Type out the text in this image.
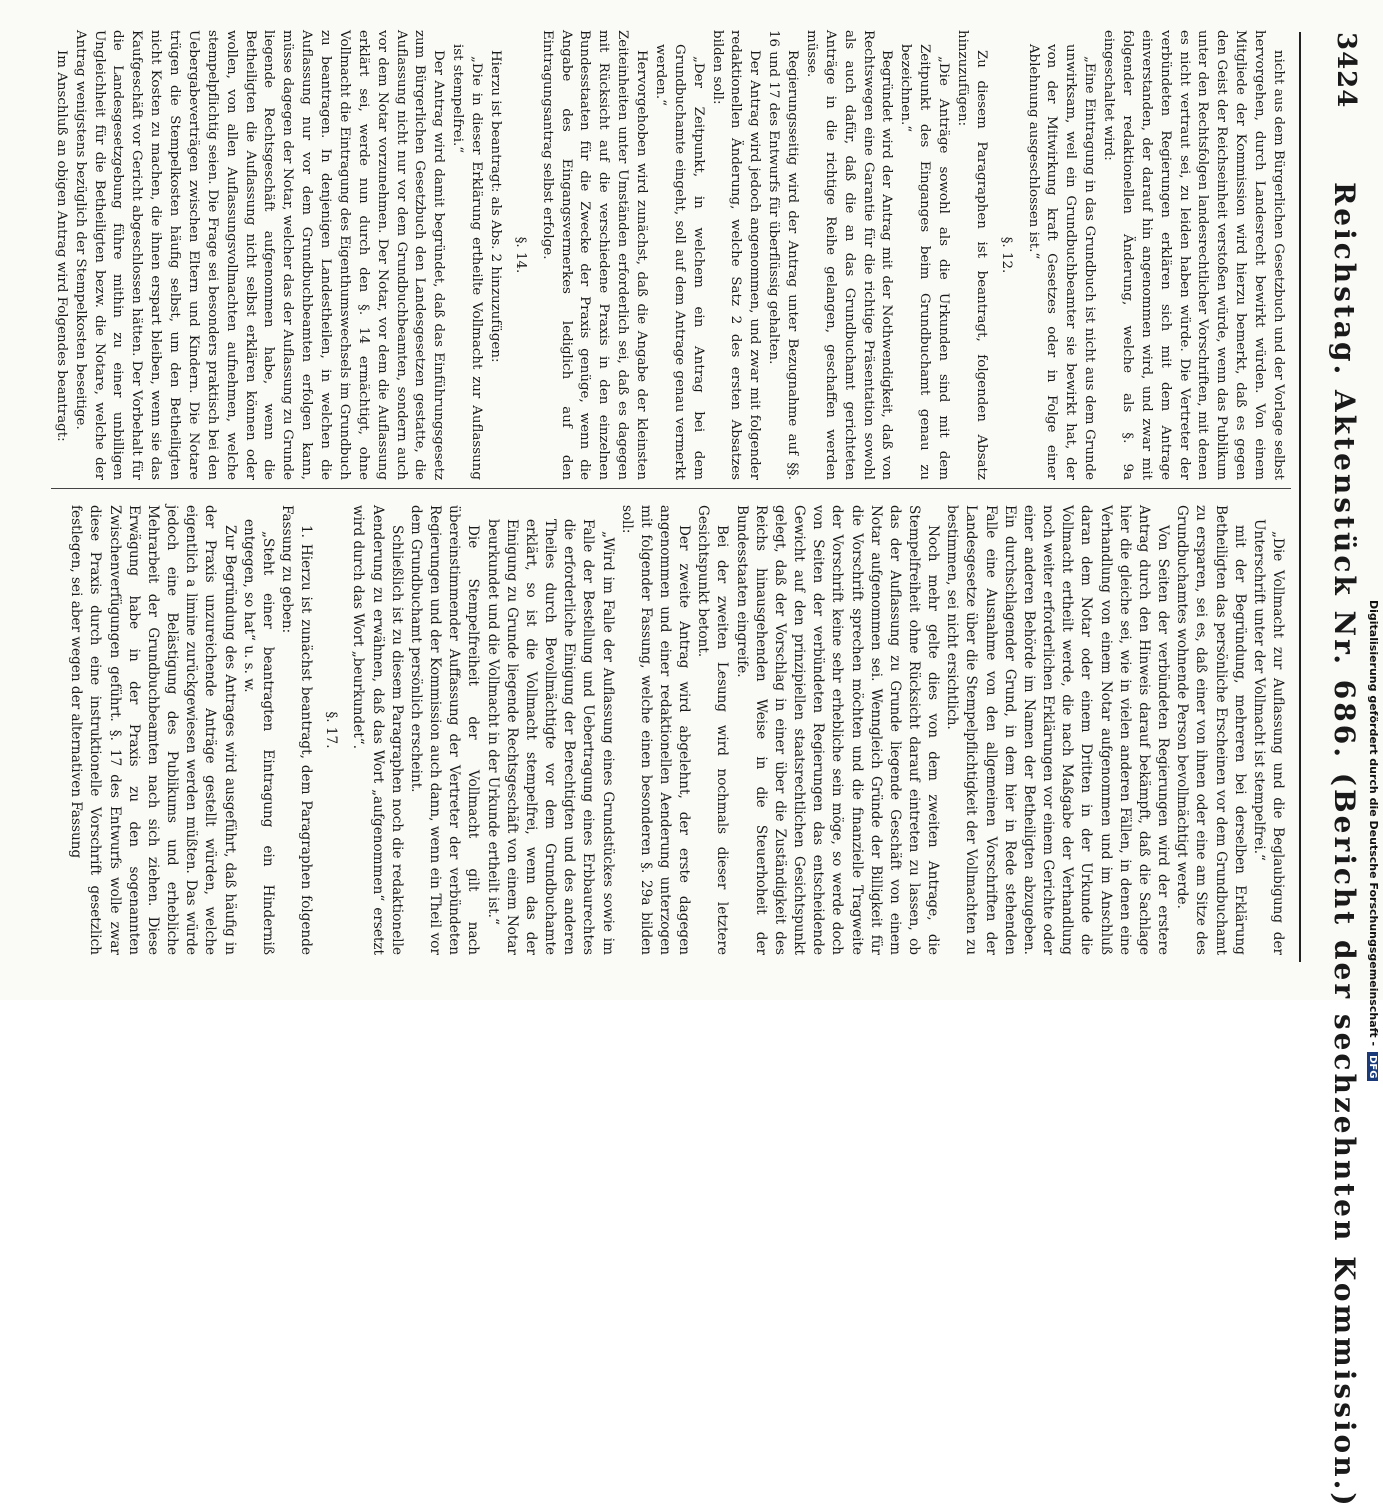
3424
Reichstag. Aktenstück Nr. 686. (Bericht der sechzehnten Kommission.)

nicht aus dem Bürgerlichen Gesetzbuch und der Vorlage selbst hervorgehen, durch Landesrecht bewirkt würden. Von einem Mitgliede der Kommission wird hierzu bemerkt, daß es gegen den Geist der Reichseinheit verstoßen würde, wenn das Publikum unter den Rechtsfolgen landesrechtlicher Vorschriften, mit denen es nicht vertraut sei, zu leiden haben würde. Die Vertreter der verbündeten Regierungen erklären sich mit dem Antrage einverstanden, der darauf hin angenommen wird, und zwar mit folgender redaktionellen Änderung, welche als §. 9a eingeschaltet wird:

„Eine Eintragung in das Grundbuch ist nicht aus dem Grunde unwirksam, weil ein Grundbuchbeamter sie bewirkt hat, der von der Mitwirkung kraft Gesetzes oder in Folge einer Ablehnung ausgeschlossen ist.“

§. 12.

Zu diesem Paragraphen ist beantragt, folgenden Absatz hinzuzufügen:

„Die Anträge sowohl als die Urkunden sind mit dem Zeitpunkt des Einganges beim Grundbuchamt genau zu bezeichnen.“

Begründet wird der Antrag mit der Nothwendigkeit, daß von Rechtswegen eine Garantie für die richtige Präsentation sowohl als auch dafür, daß die an das Grundbuchamt gerichteten Anträge in die richtige Reihe gelangen, geschaffen werden müsse.

Regierungsseitig wird der Antrag unter Bezugnahme auf §§. 16 und 17 des Entwurfs für überflüssig gehalten.

Der Antrag wird jedoch angenommen, und zwar mit folgender redaktionellen Änderung, welche Satz 2 des ersten Absatzes bilden soll:

„Der Zeitpunkt, in welchem ein Antrag bei dem Grundbuchamte eingeht, soll auf dem Antrage genau vermerkt werden.“

Hervorgehoben wird zunächst, daß die Angabe der kleinsten Zeiteinheiten unter Umständen erforderlich sei, daß es dagegen mit Rücksicht auf die verschiedene Praxis in den einzelnen Bundesstaaten für die Zwecke der Praxis genüge, wenn die Angabe des Eingangsvermerkes lediglich auf den Eintragungsantrag selbst erfolge.

§. 14.

Hierzu ist beantragt: als Abs. 2 hinzuzufügen:

„Die in dieser Erklärung ertheilte Vollmacht zur Auflassung ist stempelfrei.“

Der Antrag wird damit begründet, daß das Einführungsgesetz zum Bürgerlichen Gesetzbuch den Landesgesetzen gestatte, die Auflassung nicht nur vor dem Grundbuchbeamten, sondern auch vor dem Notar vorzunehmen. Der Notar, vor dem die Auflassung erklärt sei, werde nun durch den §. 14 ermächtigt, ohne Vollmacht die Eintragung des Eigenthumswechsels im Grundbuch zu beantragen. In denjenigen Landestheilen, in welchen die Auflassung nur vor dem Grundbuchbeamten erfolgen kann, müsse dagegen der Notar, welcher das der Auflassung zu Grunde liegende Rechtsgeschäft aufgenommen habe, wenn die Betheiligten die Auflassung nicht selbst erklären können oder wollen, von allen Auflassungsvollmachten aufnehmen, welche stempelpflichtig seien. Die Frage sei besonders praktisch bei den Uebergabeverträgen zwischen Eltern und Kindern. Die Notare trügen die Stempelkosten häufig selbst, um den Betheiligten nicht Kosten zu machen, die ihnen erspart bleiben, wenn sie das Kaufgeschäft vor Gericht abgeschlossen hätten. Der Vorbehalt für die Landesgesetzgebung führe mithin zu einer unbilligen Ungleichheit für die Betheiligten bezw. die Notare, welche der Antrag wenigstens bezüglich der Stempelkosten beseitige.

Im Anschluß an obigen Antrag wird Folgendes beantragt:

„Die Vollmacht zur Auflassung und die Beglaubigung der Unterschrift unter der Vollmacht ist stempelfrei.“

mit der Begründung, mehreren bei derselben Erklärung Betheiligten das persönliche Erscheinen vor dem Grundbuchamt zu ersparen, sei es, daß einer von ihnen oder eine am Sitze des Grundbuchamtes wohnende Person bevollmächtigt werde.

Von Seiten der verbündeten Regierungen wird der erstere Antrag durch den Hinweis darauf bekämpft, daß die Sachlage hier die gleiche sei, wie in vielen anderen Fällen, in denen eine Verhandlung von einem Notar aufgenommen und im Anschluß daran dem Notar oder einem Dritten in der Urkunde die Vollmacht ertheilt werde, die nach Maßgabe der Verhandlung noch weiter erforderlichen Erklärungen vor einem Gerichte oder einer anderen Behörde im Namen der Betheiligten abzugeben. Ein durchschlagender Grund, in dem hier in Rede stehenden Falle eine Ausnahme von den allgemeinen Vorschriften der Landesgesetze über die Stempelpflichtigkeit der Vollmachten zu bestimmen, sei nicht ersichtlich.

Noch mehr gelte dies von dem zweiten Antrage, die Stempelfreiheit ohne Rücksicht darauf eintreten zu lassen, ob das der Auflassung zu Grunde liegende Geschäft von einem Notar aufgenommen sei. Wenngleich Gründe der Billigkeit für die Vorschrift sprechen möchten und die finanzielle Tragweite der Vorschrift keine sehr erhebliche sein möge, so werde doch von Seiten der verbündeten Regierungen das entscheidende Gewicht auf den prinzipiellen staatsrechtlichen Gesichtspunkt gelegt, daß der Vorschlag in einer über die Zuständigkeit des Reichs hinausgehenden Weise in die Steuerhoheit der Bundesstaaten eingreife.

Bei der zweiten Lesung wird nochmals dieser letztere Gesichtspunkt betont.

Der zweite Antrag wird abgelehnt, der erste dagegen angenommen und einer redaktionellen Aenderung unterzogen mit folgender Fassung, welche einen besonderen §. 29a bilden soll:

„Wird im Falle der Auflassung eines Grundstückes sowie im Falle der Bestellung und Uebertragung eines Erbbaurechtes die erforderliche Einigung der Berechtigten und des anderen Theiles durch Bevollmächtigte vor dem Grundbuchamte erklärt, so ist die Vollmacht stempelfrei, wenn das der Einigung zu Grunde liegende Rechtsgeschäft von einem Notar beurkundet und die Vollmacht in der Urkunde ertheilt ist.“

Die Stempelfreiheit der Vollmacht gilt nach übereinstimmender Auffassung der Vertreter der verbündeten Regierungen und der Kommission auch dann, wenn ein Theil vor dem Grundbuchamt persönlich erscheint.

Schließlich ist zu diesem Paragraphen noch die redaktionelle Aenderung zu erwähnen, daß das Wort „aufgenommen“ ersetzt wird durch das Wort „beurkundet“.

§. 17.

1. Hierzu ist zunächst beantragt, dem Paragraphen folgende Fassung zu geben:

„Steht einer beantragten Eintragung ein Hinderniß entgegen, so hat“ u. s. w.

Zur Begründung des Antrages wird ausgeführt, daß häufig in der Praxis unzureichende Anträge gestellt würden, welche eigentlich a limine zurückgewiesen werden müßten. Das würde jedoch eine Belästigung des Publikums und erhebliche Mehrarbeit der Grundbuchbeamten nach sich ziehen. Diese Erwägung habe in der Praxis zu den sogenannten Zwischenverfügungen geführt. §. 17 des Entwurfs wolle zwar diese Praxis durch eine instruktionelle Vorschrift gesetzlich festlegen, sei aber wegen der alternativen Fassung	Digitalisierung gefördert durch die Deutsche Forschungsgemeinschaft -DFG
